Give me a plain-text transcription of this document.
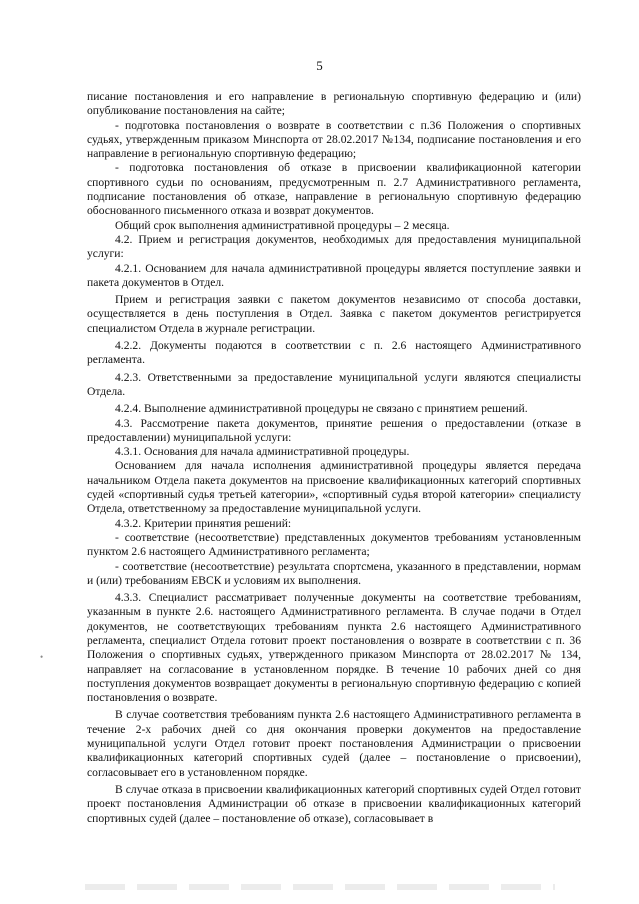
5

писание постановления и его направление в региональную спортивную федерацию и (или) опубликование постановления на сайте;

- подготовка постановления о возврате в соответствии с п.36 Положения о спортивных судьях, утвержденным приказом Минспорта от 28.02.2017 №134, подписание постановления и его направление в региональную спортивную федерацию;

- подготовка постановления об отказе в присвоении квалификационной категории спортивного судьи по основаниям, предусмотренным п. 2.7 Административного регламента, подписание постановления об отказе, направление в региональную спортивную федерацию обоснованного письменного отказа и возврат документов.

Общий срок выполнения административной процедуры – 2 месяца.

4.2. Прием и регистрация документов, необходимых для предоставления муниципальной услуги:

4.2.1. Основанием для начала административной процедуры является поступление заявки и пакета документов в Отдел.

Прием и регистрация заявки с пакетом документов независимо от способа доставки, осуществляется в день поступления в Отдел. Заявка с пакетом документов регистрируется специалистом Отдела в журнале регистрации.

4.2.2. Документы подаются в соответствии с п. 2.6 настоящего Административного регламента.

4.2.3. Ответственными за предоставление муниципальной услуги являются специалисты Отдела.

4.2.4. Выполнение административной процедуры не связано с принятием решений.

4.3. Рассмотрение пакета документов, принятие решения о предоставлении (отказе в предоставлении) муниципальной услуги:

4.3.1. Основания для начала административной процедуры.

Основанием для начала исполнения административной процедуры является передача начальником Отдела пакета документов на присвоение квалификационных категорий спортивных судей «спортивный судья третьей категории», «спортивный судья второй категории» специалисту Отдела, ответственному за предоставление муниципальной услуги.

4.3.2. Критерии принятия решений:

- соответствие (несоответствие) представленных документов требованиям установленным пунктом 2.6 настоящего Административного регламента;

- соответствие (несоответствие) результата спортсмена, указанного в представлении, нормам и (или) требованиям ЕВСК и условиям их выполнения.

4.3.3. Специалист рассматривает полученные документы на соответствие требованиям, указанным в пункте 2.6. настоящего Административного регламента. В случае подачи в Отдел документов, не соответствующих требованиям пункта 2.6 настоящего Административного регламента, специалист Отдела готовит проект постановления о возврате в соответствии с п. 36 Положения о спортивных судьях, утвержденного приказом Минспорта от 28.02.2017 № 134, направляет на согласование в установленном порядке. В течение 10 рабочих дней со дня поступления документов возвращает документы в региональную спортивную федерацию с копией постановления о возврате.

В случае соответствия требованиям пункта 2.6 настоящего Административного регламента в течение 2-х рабочих дней со дня окончания проверки документов на предоставление муниципальной услуги Отдел готовит проект постановления Администрации о присвоении квалификационных категорий спортивных судей (далее – постановление о присвоении), согласовывает его в установленном порядке.

В случае отказа в присвоении квалификационных категорий спортивных судей Отдел готовит проект постановления Администрации об отказе в присвоении квалификационных категорий спортивных судей (далее – постановление об отказе), согласовывает в

•
